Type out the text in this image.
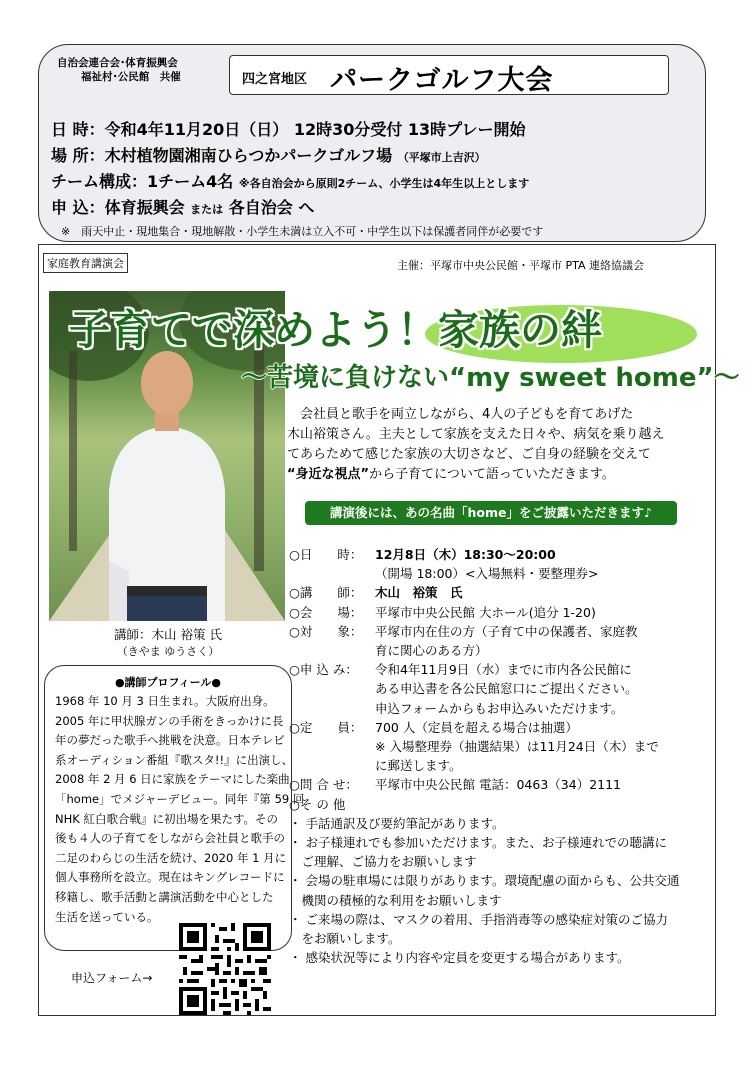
自治会連合会･体育振興会
福祉村･公民館　共催	四之宮地区 パークゴルフ大会
日 時：令和4年11月20日（日） 12時30分受付 13時プレー開始
場 所：木村植物園湘南ひらつかパークゴルフ場 （平塚市上吉沢）
チーム構成：1チーム4名 ※各自治会から原則2チーム、小学生は4年生以上とします
申 込：体育振興会 または 各自治会 へ
※　雨天中止・現地集合・現地解散・小学生未満は立入不可・中学生以下は保護者同伴が必要です
家庭教育講演会	主催：平塚市中央公民館・平塚市 PTA 連絡協議会
子育てで深めよう！家族の絆
～苦境に負けない“my sweet home”～
　会社員と歌手を両立しながら、4人の子どもを育てあげた
木山裕策さん。主夫として家族を支えた日々や、病気を乗り越え
てあらためて感じた家族の大切さなど、ご自身の経験を交えて
“身近な視点”から子育てについて語っていただきます。
講演後には、あの名曲「home」をご披露いただきます♪
○日　　時：	12月8日（木）18:30～20:00
（開場 18:00）<入場無料・要整理券>
○講　　師：	木山　裕策　氏
○会　　場：	平塚市中央公民館 大ホール(追分 1-20)
○対　　象：	平塚市内在住の方（子育て中の保護者、家庭教
育に関心のある方）
○申 込 み：	令和4年11月9日（水）までに市内各公民館に
ある申込書を各公民館窓口にご提出ください。
申込フォームからもお申込みいただけます。
○定　　員：	700 人（定員を超える場合は抽選）
※ 入場整理券（抽選結果）は11月24日（木）まで
に郵送します。
○問 合 せ：	平塚市中央公民館 電話：0463（34）2111
○そ の 他
・ 手話通訳及び要約筆記があります。
・ お子様連れでも参加いただけます。また、お子様連れでの聴講に
　ご理解、ご協力をお願いします
・ 会場の駐車場には限りがあります。環境配慮の面からも、公共交通
　機関の積極的な利用をお願いします
・ ご来場の際は、マスクの着用、手指消毒等の感染症対策のご協力
　をお願いします。
・ 感染状況等により内容や定員を変更する場合があります。
講師：木山 裕策 氏
（きやま ゆうさく）
●講師プロフィール●
1968 年 10 月 3 日生まれ。大阪府出身。
2005 年に甲状腺ガンの手術をきっかけに長
年の夢だった歌手へ挑戦を決意。日本テレビ
系オーディション番組『歌スタ!!』に出演し、
2008 年 2 月 6 日に家族をテーマにした楽曲
「home」でメジャーデビュー。同年『第 59 回
NHK 紅白歌合戦』に初出場を果たす。その
後も４人の子育てをしながら会社員と歌手の
二足のわらじの生活を続け、2020 年 1 月に
個人事務所を設立。現在はキングレコードに
移籍し、歌手活動と講演活動を中心とした
生活を送っている。
申込フォーム→
